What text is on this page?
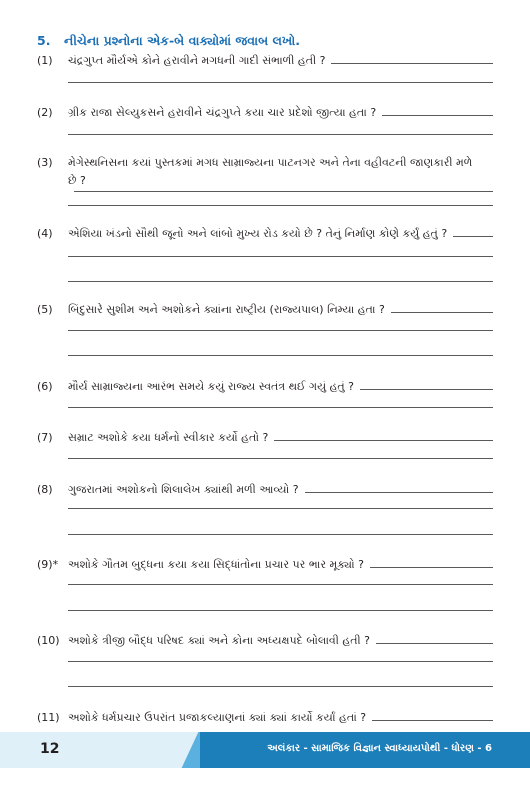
5. નીચેના પ્રશ્નોના એક-બે વાક્યોમાં જવાબ લખો.
(1)	ચંદ્રગુપ્ત મૌર્યએ કોને હરાવીને મગધની ગાદી સંભાળી હતી ?
(2)	ગ્રીક રાજા સેલ્યુકસને હરાવીને ચંદ્રગુપ્તે કયા ચાર પ્રદેશો જીત્યા હતા ?
(3)	મેગેસ્થનિસના કયાં પુસ્તકમાં મગધ સામ્રાજ્યના પાટનગર અને તેના વહીવટની જાણકારી મળે છે ?
(4)	એશિયા ખંડનો સૌથી જૂનો અને લાંબો મુખ્ય રોડ કયો છે ? તેનું નિર્માણ કોણે કર્યું હતું ?
(5)	બિંદુસારે સુશીમ અને અશોકને ક્યાંના રાષ્ટ્રીય (રાજ્યપાલ) નિમ્યા હતા ?
(6)	મૌર્ય સામ્રાજ્યના આરંભ સમયે કયું રાજ્ય સ્વતંત્ર થઈ ગયું હતું ?
(7)	સમ્રાટ અશોકે કયા ધર્મનો સ્વીકાર કર્યો હતો ?
(8)	ગુજરાતમાં અશોકનો શિલાલેખ ક્યાંથી મળી આવ્યો ?
(9)* અશોકે ગૌતમ બુદ્ધના કયા કયા સિદ્ધાંતોના પ્રચાર પર ભાર મૂક્યો ?
(10) અશોકે ત્રીજી બૌદ્ધ પરિષદ ક્યાં અને કોના અધ્યક્ષપદે બોલાવી હતી ?
(11) અશોકે ધર્મપ્રચાર ઉપરાંત પ્રજાકલ્યાણનાં ક્યાં ક્યાં કાર્યો કર્યાં હતાં ?
12	અલંકાર - સામાજિક વિજ્ઞાન સ્વાધ્યાયપોથી - ધોરણ - 6
